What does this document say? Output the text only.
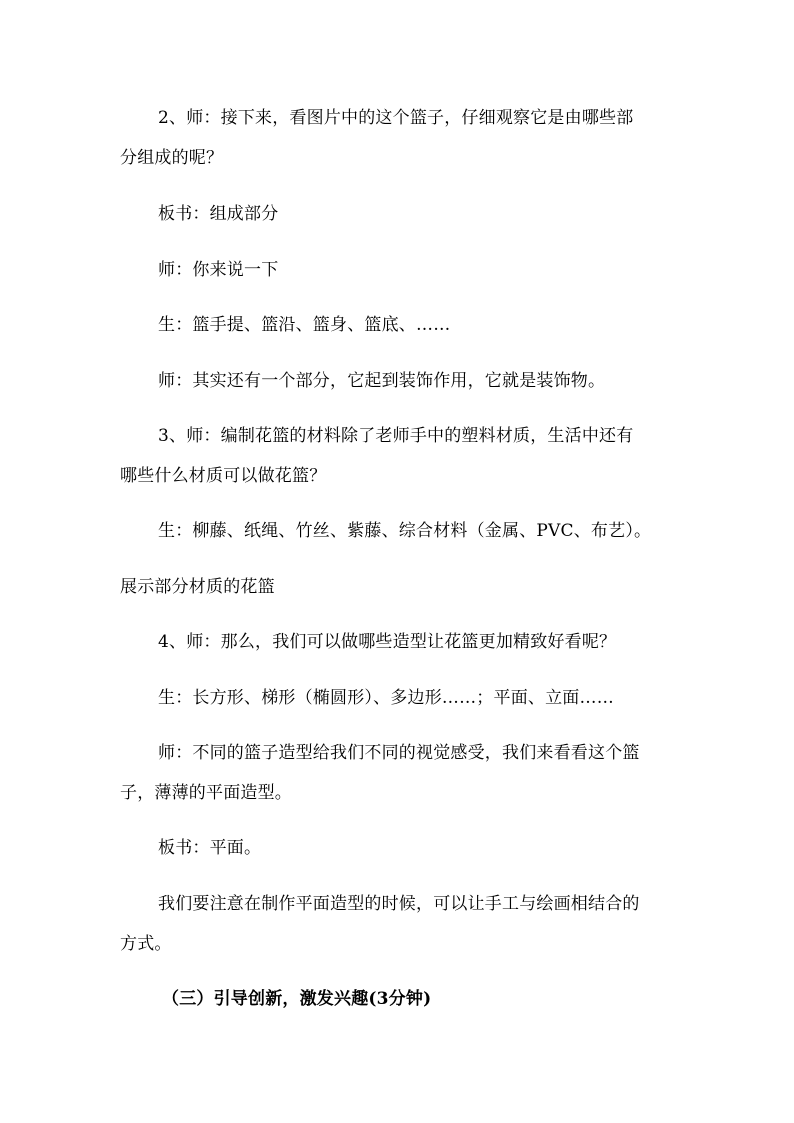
2、师：接下来，看图片中的这个篮子，仔细观察它是由哪些部
分组成的呢？
板书：组成部分
师：你来说一下
生：篮手提、篮沿、篮身、篮底、……
师：其实还有一个部分，它起到装饰作用，它就是装饰物。
3、师：编制花篮的材料除了老师手中的塑料材质，生活中还有
哪些什么材质可以做花篮？
生：柳藤、纸绳、竹丝、紫藤、综合材料（金属、PVC、布艺）。
展示部分材质的花篮
4、师：那么，我们可以做哪些造型让花篮更加精致好看呢？
生：长方形、梯形（椭圆形）、多边形……；平面、立面……
师：不同的篮子造型给我们不同的视觉感受，我们来看看这个篮
子，薄薄的平面造型。
板书：平面。
我们要注意在制作平面造型的时候，可以让手工与绘画相结合的
方式。
（三）引导创新，激发兴趣(3分钟)
